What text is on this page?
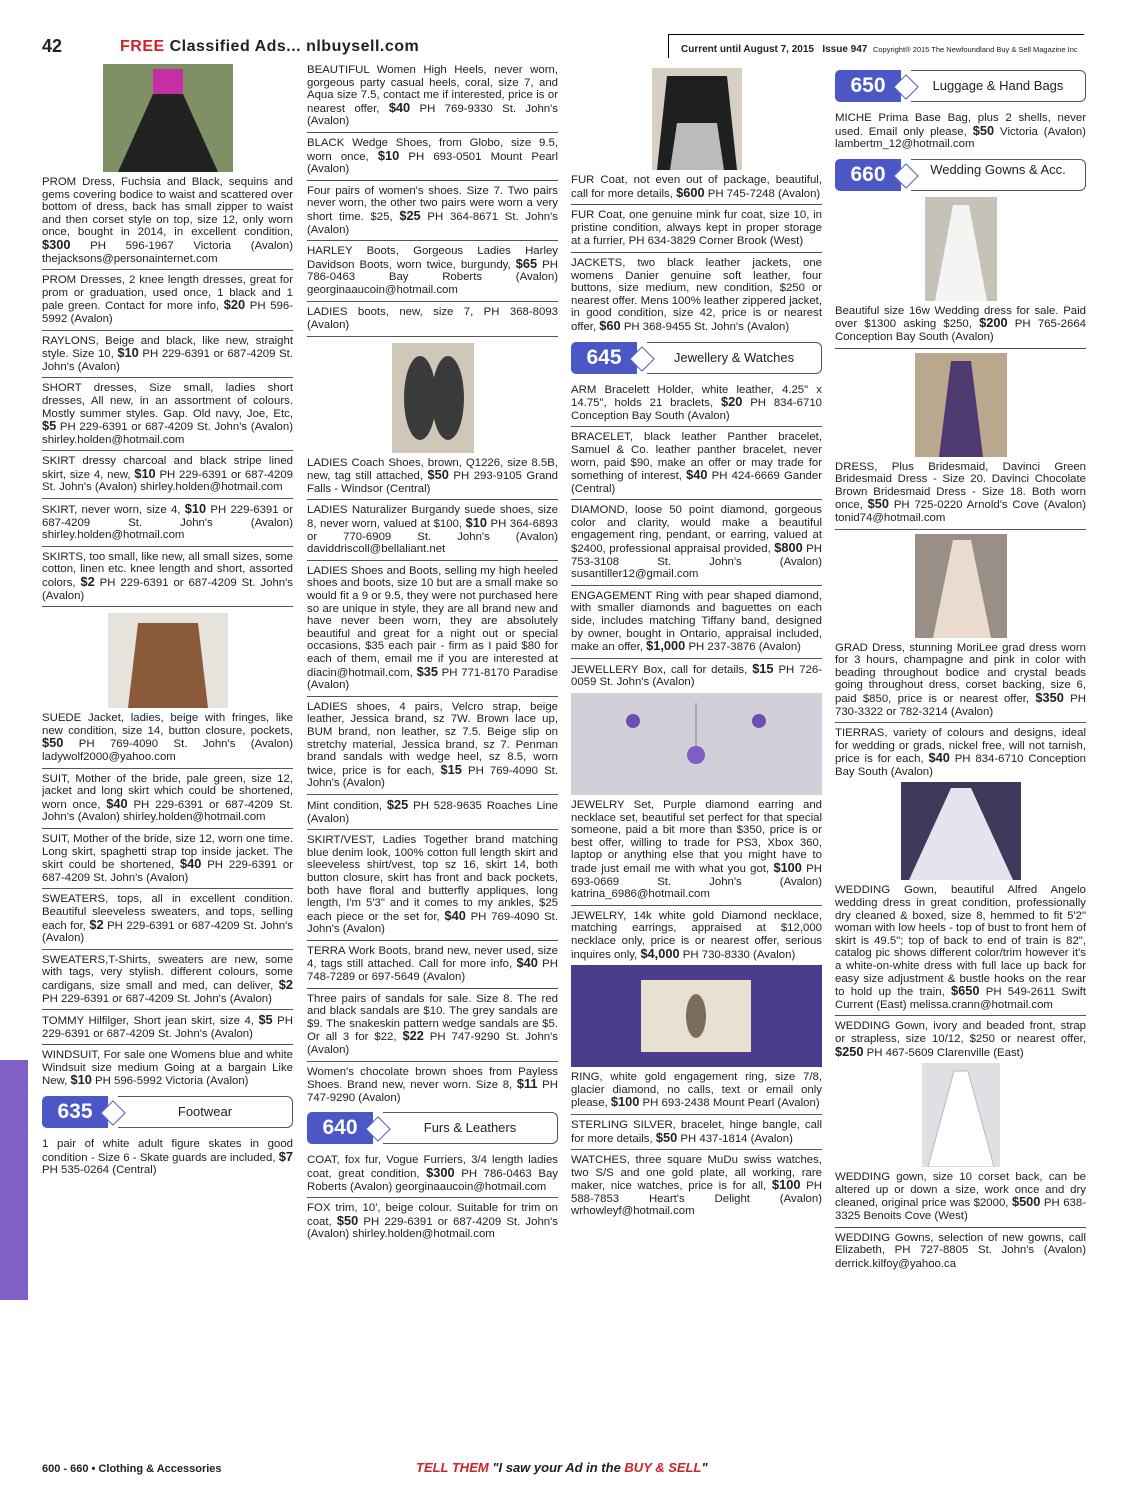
42	FREE Classified Ads... nlbuysell.com	Current until August 7, 2015 Issue 947 Copyright® 2015 The Newfoundland Buy & Sell Magazine Inc
PROM Dress, Fuchsia and Black, sequins and gems covering bodice to waist and scattered over bottom of dress, back has small zipper to waist and then corset style on top, size 12, only worn once, bought in 2014, in excellent condition, $300 PH 596-1967 Victoria (Avalon) thejacksons@personainternet.com
PROM Dresses, 2 knee length dresses, great for prom or graduation, used once, 1 black and 1 pale green. Contact for more info, $20 PH 596-5992 (Avalon)
RAYLONS, Beige and black, like new, straight style. Size 10, $10 PH 229-6391 or 687-4209 St. John's (Avalon)
SHORT dresses, Size small, ladies short dresses, All new, in an assortment of colours. Mostly summer styles. Gap. Old navy, Joe, Etc, $5 PH 229-6391 or 687-4209 St. John's (Avalon) shirley.holden@hotmail.com
SKIRT dressy charcoal and black stripe lined skirt, size 4, new, $10 PH 229-6391 or 687-4209 St. John's (Avalon) shirley.holden@hotmail.com
SKIRT, never worn, size 4, $10 PH 229-6391 or 687-4209 St. John's (Avalon) shirley.holden@hotmail.com
SKIRTS, too small, like new, all small sizes, some cotton, linen etc. knee length and short, assorted colors, $2 PH 229-6391 or 687-4209 St. John's (Avalon)
SUEDE Jacket, ladies, beige with fringes, like new condition, size 14, button closure, pockets, $50 PH 769-4090 St. John's (Avalon) ladywolf2000@yahoo.com
SUIT, Mother of the bride, pale green, size 12, jacket and long skirt which could be shortened, worn once, $40 PH 229-6391 or 687-4209 St. John's (Avalon) shirley.holden@hotmail.com
SUIT, Mother of the bride, size 12, worn one time. Long skirt, spaghetti strap top inside jacket. The skirt could be shortened, $40 PH 229-6391 or 687-4209 St. John's (Avalon)
SWEATERS, tops, all in excellent condition. Beautiful sleeveless sweaters, and tops, selling each for, $2 PH 229-6391 or 687-4209 St. John's (Avalon)
SWEATERS,T-Shirts, sweaters are new, some with tags, very stylish. different colours, some cardigans, size small and med, can deliver, $2 PH 229-6391 or 687-4209 St. John's (Avalon)
TOMMY Hilfilger, Short jean skirt, size 4, $5 PH 229-6391 or 687-4209 St. John's (Avalon)
WINDSUIT, For sale one Womens blue and white Windsuit size medium Going at a bargain Like New, $10 PH 596-5992 Victoria (Avalon)
635	Footwear
1 pair of white adult figure skates in good condition - Size 6 - Skate guards are included, $7 PH 535-0264 (Central)
BEAUTIFUL Women High Heels, never worn, gorgeous party casual heels, coral, size 7, and Aqua size 7.5, contact me if interested, price is or nearest offer, $40 PH 769-9330 St. John's (Avalon)
BLACK Wedge Shoes, from Globo, size 9.5, worn once, $10 PH 693-0501 Mount Pearl (Avalon)
Four pairs of women's shoes. Size 7. Two pairs never worn, the other two pairs were worn a very short time. $25, $25 PH 364-8671 St. John's (Avalon)
HARLEY Boots, Gorgeous Ladies Harley Davidson Boots, worn twice, burgundy, $65 PH 786-0463 Bay Roberts (Avalon) georginaaucoin@hotmail.com
LADIES boots, new, size 7, PH 368-8093 (Avalon)
LADIES Coach Shoes, brown, Q1226, size 8.5B, new, tag still attached, $50 PH 293-9105 Grand Falls - Windsor (Central)
LADIES Naturalizer Burgandy suede shoes, size 8, never worn, valued at $100, $10 PH 364-6893 or 770-6909 St. John's (Avalon) daviddriscoll@bellaliant.net
LADIES Shoes and Boots, selling my high heeled shoes and boots, size 10 but are a small make so would fit a 9 or 9.5, they were not purchased here so are unique in style, they are all brand new and have never been worn, they are absolutely beautiful and great for a night out or special occasions, $35 each pair - firm as I paid $80 for each of them, email me if you are interested at diacin@hotmail.com, $35 PH 771-8170 Paradise (Avalon)
LADIES shoes, 4 pairs, Velcro strap, beige leather, Jessica brand, sz 7W. Brown lace up, BUM brand, non leather, sz 7.5. Beige slip on stretchy material, Jessica brand, sz 7. Penman brand sandals with wedge heel, sz 8.5, worn twice, price is for each, $15 PH 769-4090 St. John's (Avalon)
Mint condition, $25 PH 528-9635 Roaches Line (Avalon)
SKIRT/VEST, Ladies Together brand matching blue denim look, 100% cotton full length skirt and sleeveless shirt/vest, top sz 16, skirt 14, both button closure, skirt has front and back pockets, both have floral and butterfly appliques, long length, I'm 5'3" and it comes to my ankles, $25 each piece or the set for, $40 PH 769-4090 St. John's (Avalon)
TERRA Work Boots, brand new, never used, size 4, tags still attached. Call for more info, $40 PH 748-7289 or 697-5649 (Avalon)
Three pairs of sandals for sale. Size 8. The red and black sandals are $10. The grey sandals are $9. The snakeskin pattern wedge sandals are $5. Or all 3 for $22, $22 PH 747-9290 St. John's (Avalon)
Women's chocolate brown shoes from Payless Shoes. Brand new, never worn. Size 8, $11 PH 747-9290 (Avalon)
640	Furs & Leathers
COAT, fox fur, Vogue Furriers, 3/4 length ladies coat, great condition, $300 PH 786-0463 Bay Roberts (Avalon) georginaaucoin@hotmail.com
FOX trim, 10', beige colour. Suitable for trim on coat, $50 PH 229-6391 or 687-4209 St. John's (Avalon) shirley.holden@hotmail.com
FUR Coat, not even out of package, beautiful, call for more details, $600 PH 745-7248 (Avalon)
FUR Coat, one genuine mink fur coat, size 10, in pristine condition, always kept in proper storage at a furrier, PH 634-3829 Corner Brook (West)
JACKETS, two black leather jackets, one womens Danier genuine soft leather, four buttons, size medium, new condition, $250 or nearest offer. Mens 100% leather zippered jacket, in good condition, size 42, price is or nearest offer, $60 PH 368-9455 St. John's (Avalon)
645	Jewellery & Watches
ARM Bracelett Holder, white leather, 4.25" x 14.75", holds 21 braclets, $20 PH 834-6710 Conception Bay South (Avalon)
BRACELET, black leather Panther bracelet, Samuel & Co. leather panther bracelet, never worn, paid $90, make an offer or may trade for something of interest, $40 PH 424-6669 Gander (Central)
DIAMOND, loose 50 point diamond, gorgeous color and clarity, would make a beautiful engagement ring, pendant, or earring, valued at $2400, professional appraisal provided, $800 PH 753-3108 St. John's (Avalon) susantiller12@gmail.com
ENGAGEMENT Ring with pear shaped diamond, with smaller diamonds and baguettes on each side, includes matching Tiffany band, designed by owner, bought in Ontario, appraisal included, make an offer, $1,000 PH 237-3876 (Avalon)
JEWELLERY Box, call for details, $15 PH 726-0059 St. John's (Avalon)
JEWELRY Set, Purple diamond earring and necklace set, beautiful set perfect for that special someone, paid a bit more than $350, price is or best offer, willing to trade for PS3, Xbox 360, laptop or anything else that you might have to trade just email me with what you got, $100 PH 693-0669 St. John's (Avalon) katrina_6986@hotmail.com
JEWELRY, 14k white gold Diamond necklace, matching earrings, appraised at $12,000 necklace only, price is or nearest offer, serious inquires only, $4,000 PH 730-8330 (Avalon)
RING, white gold engagement ring, size 7/8, glacier diamond, no calls, text or email only please, $100 PH 693-2438 Mount Pearl (Avalon)
STERLING SILVER, bracelet, hinge bangle, call for more details, $50 PH 437-1814 (Avalon)
WATCHES, three square MuDu swiss watches, two S/S and one gold plate, all working, rare maker, nice watches, price is for all, $100 PH 588-7853 Heart's Delight (Avalon) wrhowleyf@hotmail.com
650	Luggage & Hand Bags
MICHE Prima Base Bag, plus 2 shells, never used. Email only please, $50 Victoria (Avalon) lambertm_12@hotmail.com
660	Wedding Gowns & Acc.
Beautiful size 16w Wedding dress for sale. Paid over $1300 asking $250, $200 PH 765-2664 Conception Bay South (Avalon)
DRESS, Plus Bridesmaid, Davinci Green Bridesmaid Dress - Size 20. Davinci Chocolate Brown Bridesmaid Dress - Size 18. Both worn once, $50 PH 725-0220 Arnold's Cove (Avalon) tonid74@hotmail.com
GRAD Dress, stunning MoriLee grad dress worn for 3 hours, champagne and pink in color with beading throughout bodice and crystal beads going throughout dress, corset backing, size 6, paid $850, price is or nearest offer, $350 PH 730-3322 or 782-3214 (Avalon)
TIERRAS, variety of colours and designs, ideal for wedding or grads, nickel free, will not tarnish, price is for each, $40 PH 834-6710 Conception Bay South (Avalon)
WEDDING Gown, beautiful Alfred Angelo wedding dress in great condition, professionally dry cleaned & boxed, size 8, hemmed to fit 5'2" woman with low heels - top of bust to front hem of skirt is 49.5"; top of back to end of train is 82", catalog pic shows different color/trim however it's a white-on-white dress with full lace up back for easy size adjustment & bustle hooks on the rear to hold up the train, $650 PH 549-2611 Swift Current (East) melissa.crann@hotmail.com
WEDDING Gown, ivory and beaded front, strap or strapless, size 10/12, $250 or nearest offer, $250 PH 467-5609 Clarenville (East)
WEDDING gown, size 10 corset back, can be altered up or down a size, work once and dry cleaned, original price was $2000, $500 PH 638-3325 Benoits Cove (West)
WEDDING Gowns, selection of new gowns, call Elizabeth, PH 727-8805 St. John's (Avalon) derrick.kilfoy@yahoo.ca
600 - 660 • Clothing & Accessories	TELL THEM "I saw your Ad in the BUY & SELL"
